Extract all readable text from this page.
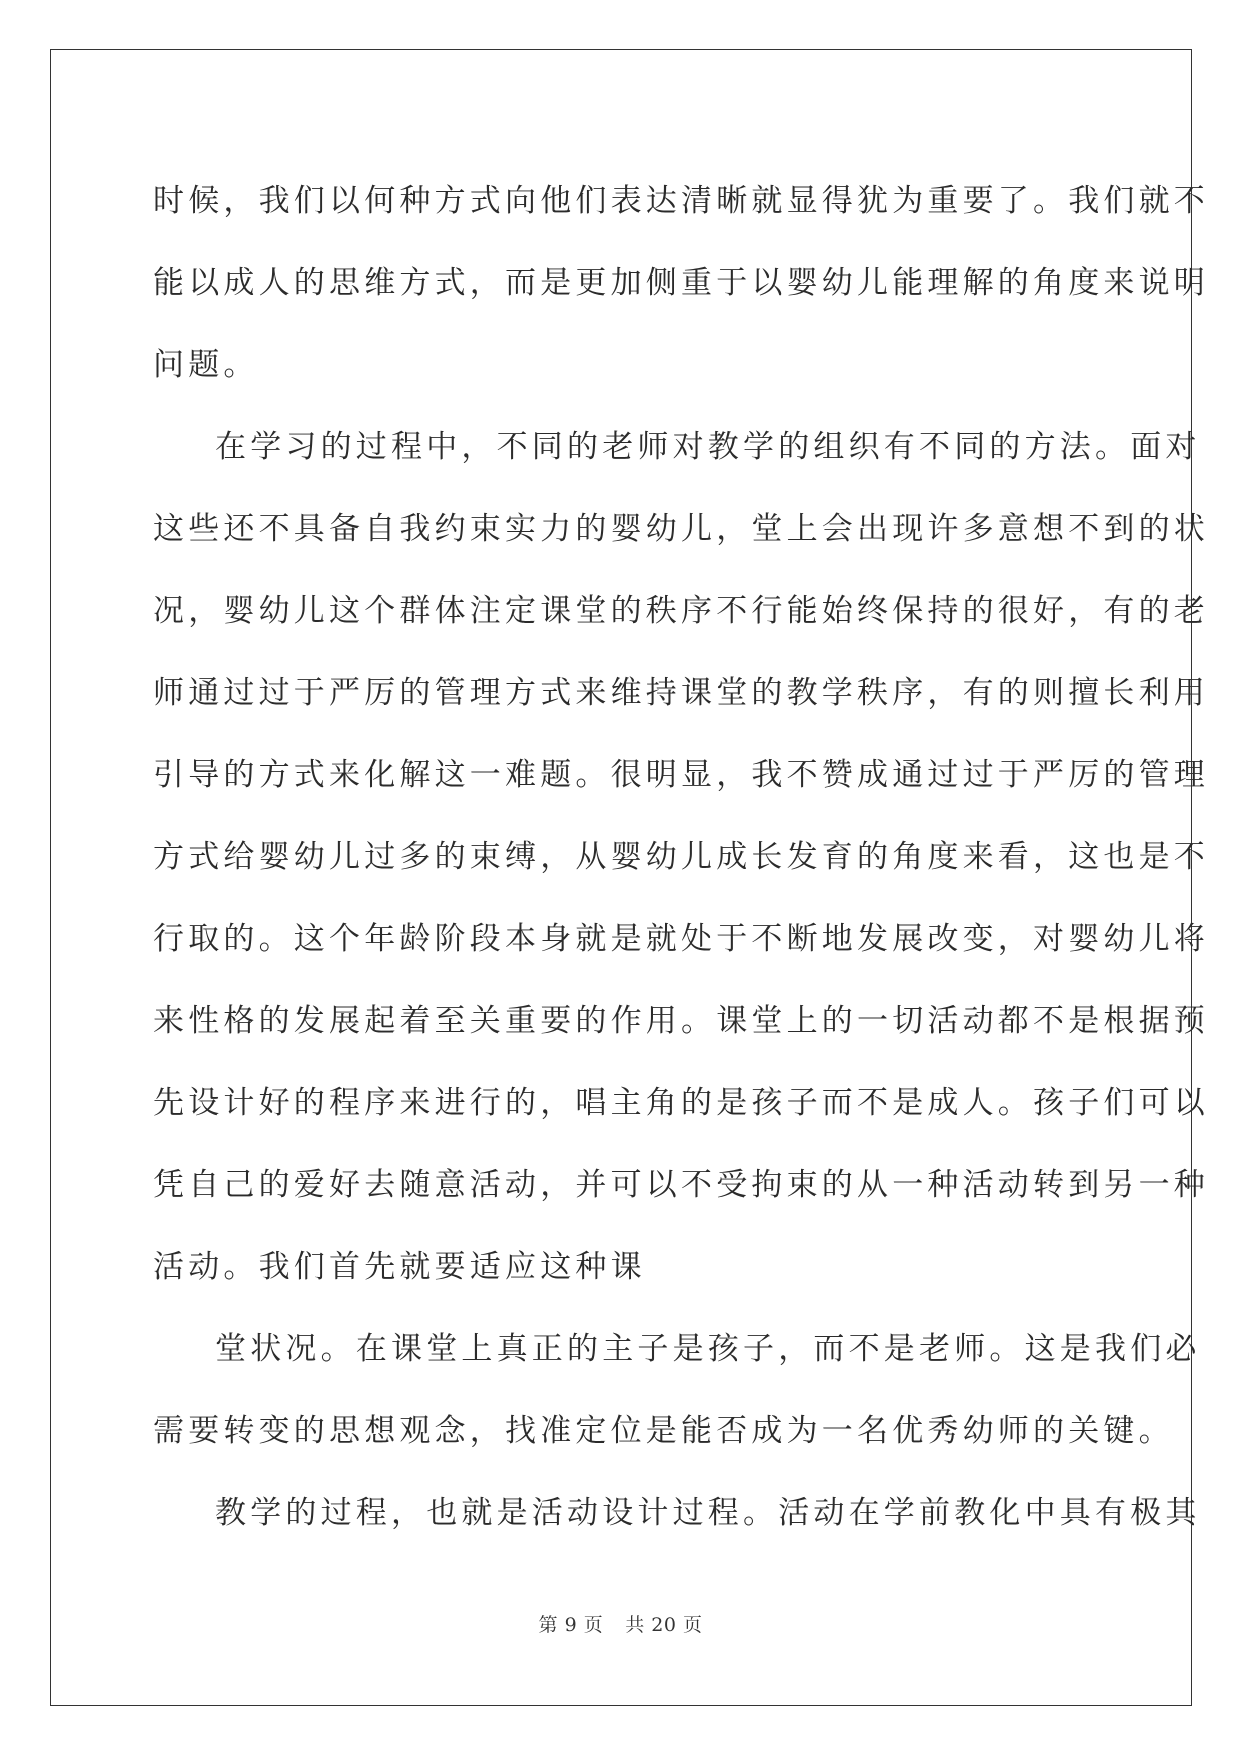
时候，我们以何种方式向他们表达清晰就显得犹为重要了。我们就不
能以成人的思维方式，而是更加侧重于以婴幼儿能理解的角度来说明
问题。
在学习的过程中，不同的老师对教学的组织有不同的方法。面对
这些还不具备自我约束实力的婴幼儿，堂上会出现许多意想不到的状
况，婴幼儿这个群体注定课堂的秩序不行能始终保持的很好，有的老
师通过过于严厉的管理方式来维持课堂的教学秩序，有的则擅长利用
引导的方式来化解这一难题。很明显，我不赞成通过过于严厉的管理
方式给婴幼儿过多的束缚，从婴幼儿成长发育的角度来看，这也是不
行取的。这个年龄阶段本身就是就处于不断地发展改变，对婴幼儿将
来性格的发展起着至关重要的作用。课堂上的一切活动都不是根据预
先设计好的程序来进行的，唱主角的是孩子而不是成人。孩子们可以
凭自己的爱好去随意活动，并可以不受拘束的从一种活动转到另一种
活动。我们首先就要适应这种课
堂状况。在课堂上真正的主子是孩子，而不是老师。这是我们必
需要转变的思想观念，找准定位是能否成为一名优秀幼师的关键。
教学的过程，也就是活动设计过程。活动在学前教化中具有极其
第 9 页 共 20 页
